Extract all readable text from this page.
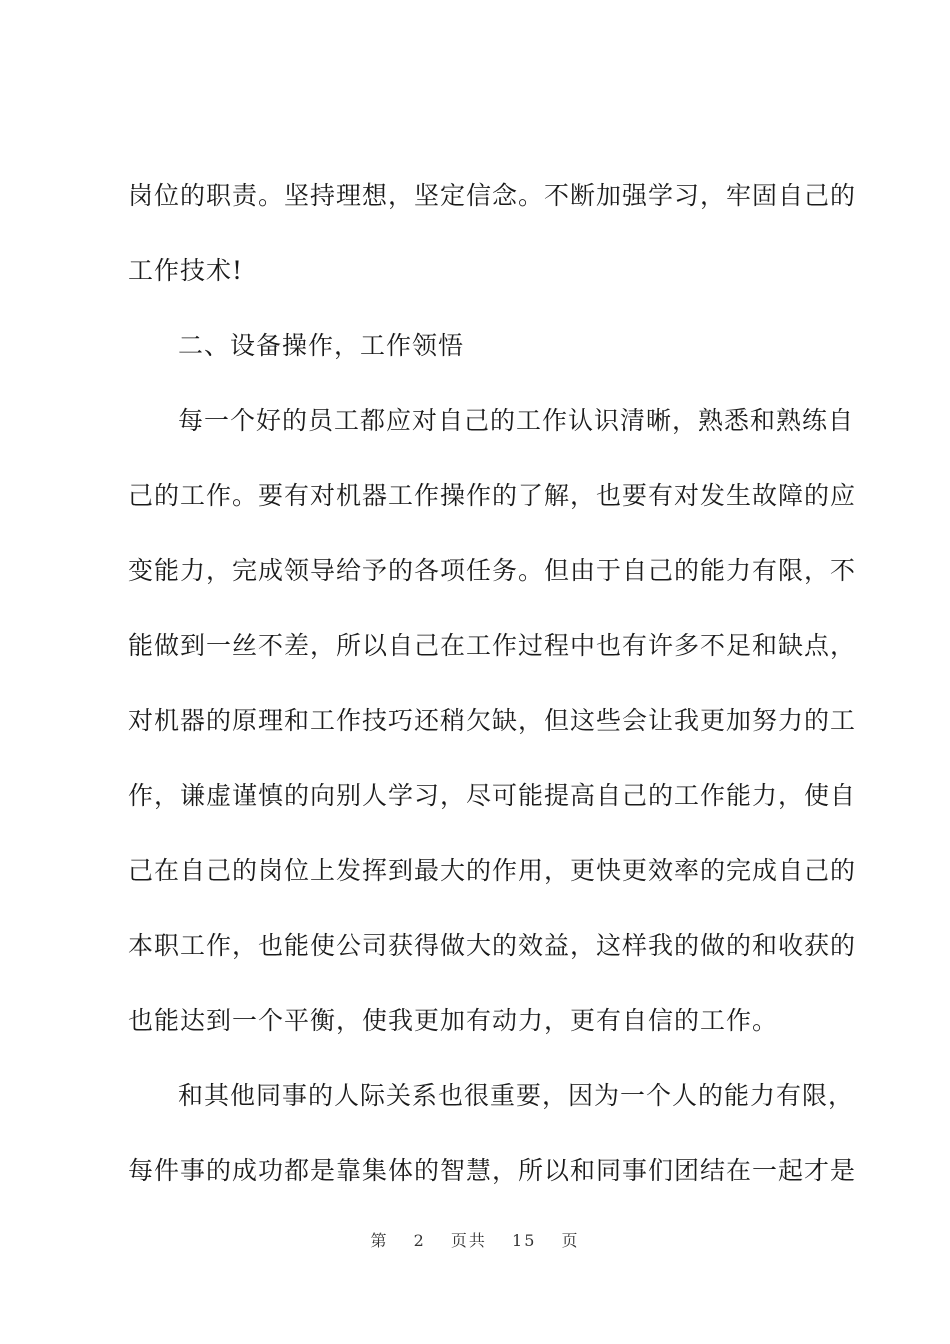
岗位的职责。坚持理想，坚定信念。不断加强学习，牢固自己的
工作技术!
二、设备操作，工作领悟
每一个好的员工都应对自己的工作认识清晰，熟悉和熟练自
己的工作。要有对机器工作操作的了解，也要有对发生故障的应
变能力，完成领导给予的各项任务。但由于自己的能力有限，不
能做到一丝不差，所以自己在工作过程中也有许多不足和缺点，
对机器的原理和工作技巧还稍欠缺，但这些会让我更加努力的工
作，谦虚谨慎的向别人学习，尽可能提高自己的工作能力，使自
己在自己的岗位上发挥到最大的作用，更快更效率的完成自己的
本职工作，也能使公司获得做大的效益，这样我的做的和收获的
也能达到一个平衡，使我更加有动力，更有自信的工作。
和其他同事的人际关系也很重要，因为一个人的能力有限，
每件事的成功都是靠集体的智慧，所以和同事们团结在一起才是
第 2 页共 15 页
